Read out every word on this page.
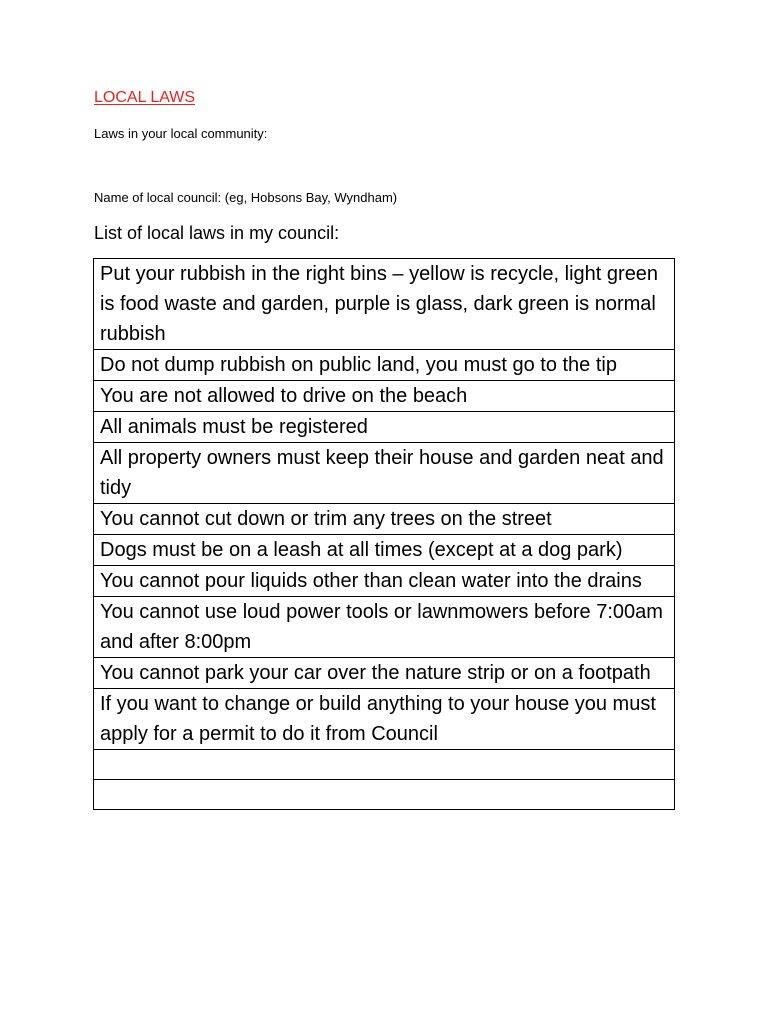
LOCAL LAWS
Laws in your local community:
Name of local council: (eg, Hobsons Bay, Wyndham)
List of local laws in my council:
Put your rubbish in the right bins – yellow is recycle, light green is food waste and garden, purple is glass, dark green is normal rubbish
Do not dump rubbish on public land, you must go to the tip
You are not allowed to drive on the beach
All animals must be registered
All property owners must keep their house and garden neat and tidy
You cannot cut down or trim any trees on the street
Dogs must be on a leash at all times (except at a dog park)
You cannot pour liquids other than clean water into the drains
You cannot use loud power tools or lawnmowers before 7:00am and after 8:00pm
You cannot park your car over the nature strip or on a footpath
If you want to change or build anything to your house you must apply for a permit to do it from Council
